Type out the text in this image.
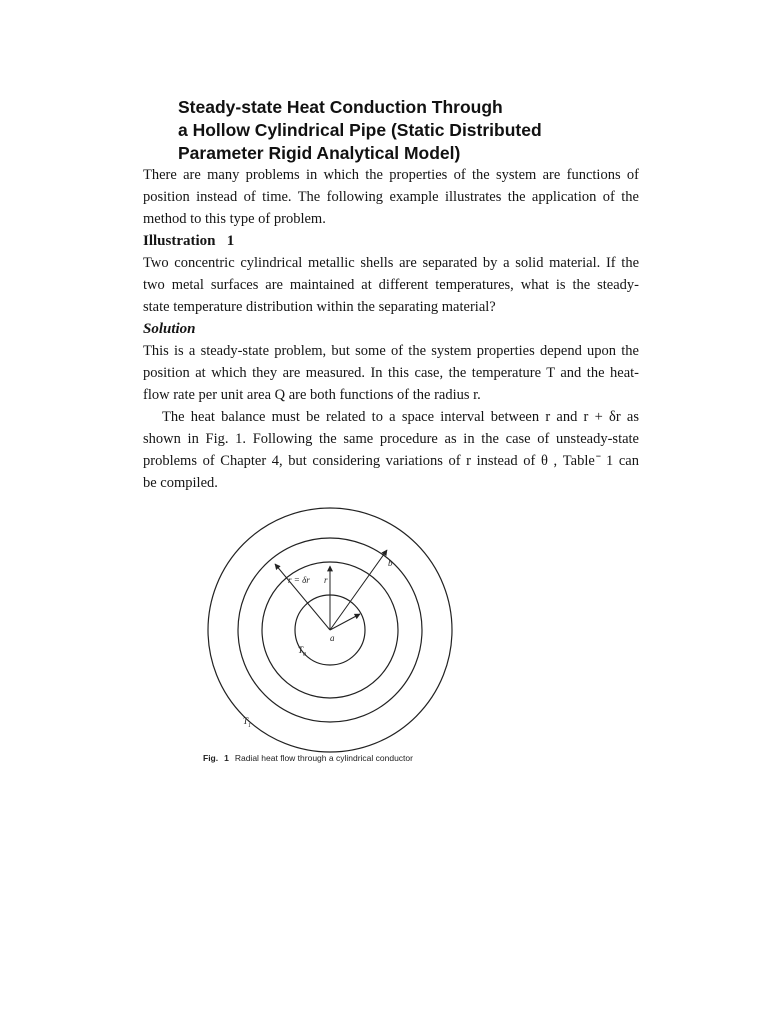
Steady-state Heat Conduction Through
a Hollow Cylindrical Pipe (Static Distributed
Parameter Rigid Analytical Model)
There are many problems in which the properties of the system are functions of
position instead of time. The following example illustrates the application of the
method to this type of problem.
Illustration 1
Two concentric cylindrical metallic shells are separated by a solid material. If the
two metal surfaces are maintained at different temperatures, what is the steady-
state temperature distribution within the separating material?
Solution
This is a steady-state problem, but some of the system properties depend upon the
position at which they are measured. In this case, the temperature T and the heat-
flow rate per unit area Q are both functions of the radius r.
The heat balance must be related to a space interval between r and r + δr as
shown in Fig. 1. Following the same procedure as in the case of unsteady-state
problems of Chapter 4, but considering variations of r instead of θ , Table ̄ 1 can
be compiled.
b
r = δr r
a
$T_0$
$T_1$
Fig. 1 Radial heat flow through a cylindrical conductor
